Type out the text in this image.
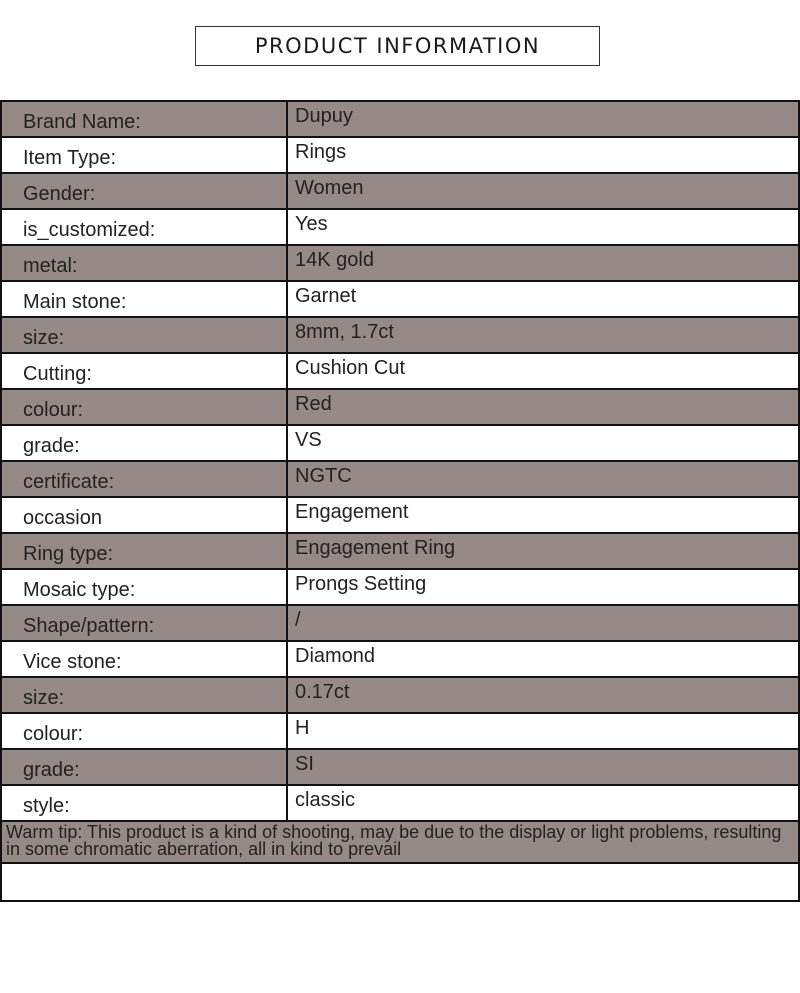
PRODUCT INFORMATION
Brand Name:	Dupuy
Item Type:	Rings
Gender:	Women
is_customized:	Yes
metal:	14K gold
Main stone:	Garnet
size:	8mm, 1.7ct
Cutting:	Cushion Cut
colour:	Red
grade:	VS
certificate:	NGTC
occasion	Engagement
Ring type:	Engagement Ring
Mosaic type:	Prongs Setting
Shape/pattern:	/
Vice stone:	Diamond
size:	0.17ct
colour:	H
grade:	SI
style:	classic
Warm tip: This product is a kind of shooting, may be due to the display or light problems, resulting in some chromatic aberration, all in kind to prevail	
